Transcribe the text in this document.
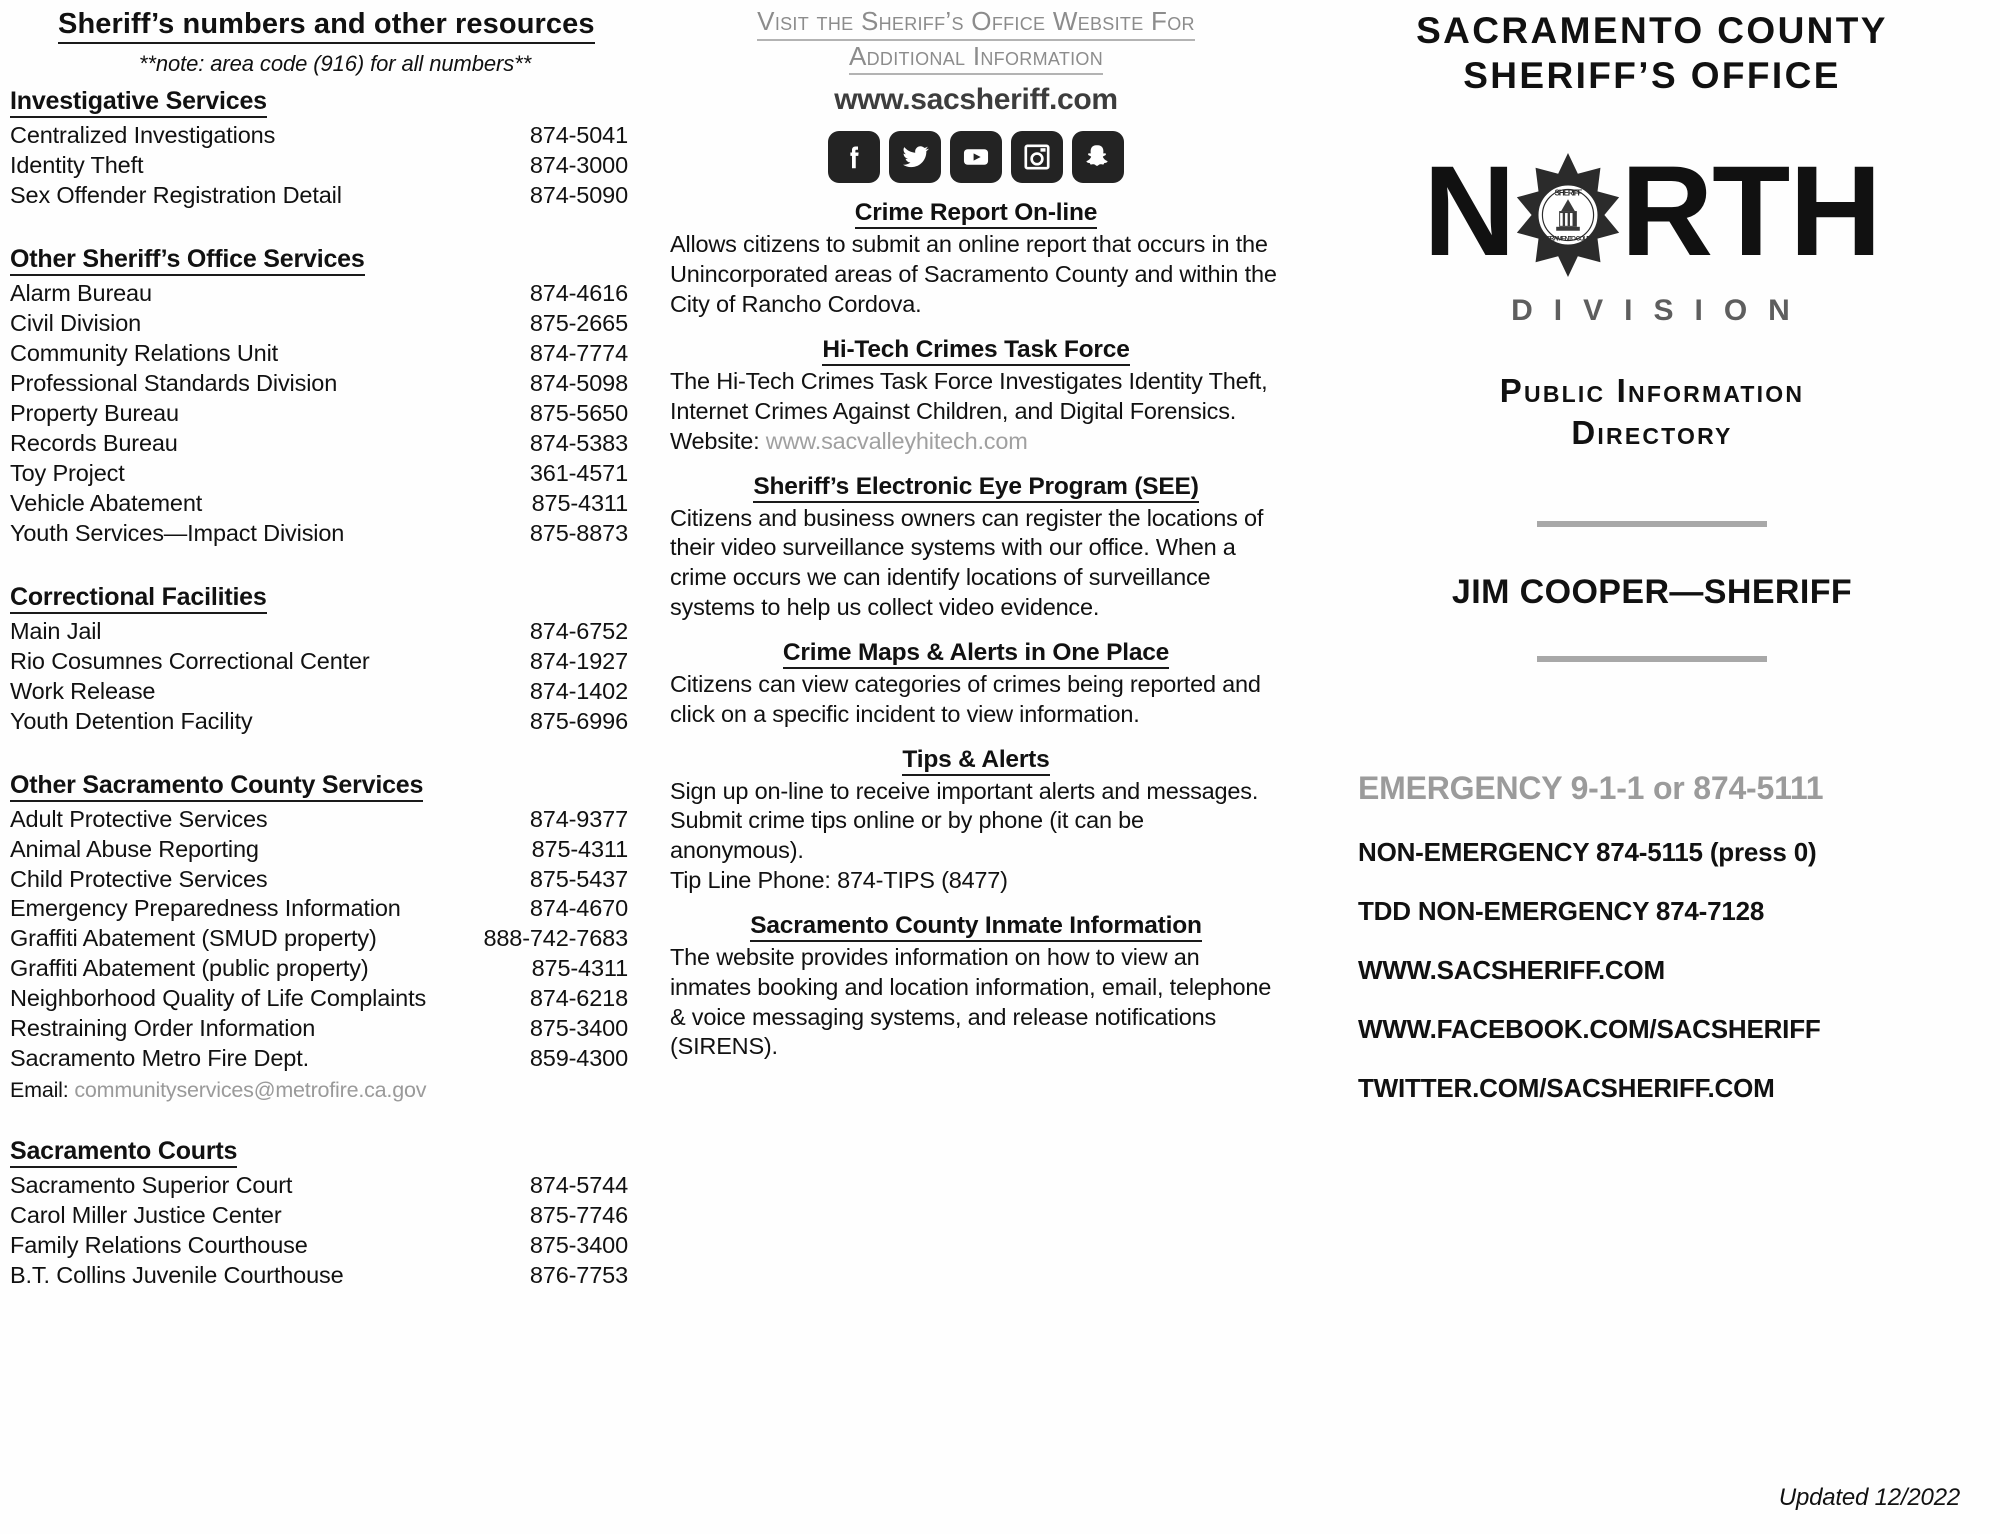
Sheriff’s numbers and other resources
**note: area code (916) for all numbers**
Investigative Services
Centralized Investigations	874-5041
Identity Theft	874-3000
Sex Offender Registration Detail	874-5090
Other Sheriff’s Office Services
Alarm Bureau	874-4616
Civil Division	875-2665
Community Relations Unit	874-7774
Professional Standards Division	874-5098
Property Bureau	875-5650
Records Bureau	874-5383
Toy Project	361-4571
Vehicle Abatement	875-4311
Youth Services—Impact Division	875-8873
Correctional Facilities
Main Jail	874-6752
Rio Cosumnes Correctional Center	874-1927
Work Release	874-1402
Youth Detention Facility	875-6996
Other Sacramento County Services
Adult Protective Services	874-9377
Animal Abuse Reporting	875-4311
Child Protective Services	875-5437
Emergency Preparedness Information	874-4670
Graffiti Abatement (SMUD property)	888-742-7683
Graffiti Abatement (public property)	875-4311
Neighborhood Quality of Life Complaints	874-6218
Restraining Order Information	875-3400
Sacramento Metro Fire Dept.	859-4300
Email: communityservices@metrofire.ca.gov
Sacramento Courts
Sacramento Superior Court	874-5744
Carol Miller Justice Center	875-7746
Family Relations Courthouse	875-3400
B.T. Collins Juvenile Courthouse	876-7753
Visit the Sheriff’s Office Website For
Additional Information
www.sacsheriff.com
Crime Report On-line

Allows citizens to submit an online report that occurs in the Unincorporated areas of Sacramento County and within the City of Rancho Cordova.

Hi-Tech Crimes Task Force

The Hi-Tech Crimes Task Force Investigates Identity Theft, Internet Crimes Against Children, and Digital Forensics.

Website: www.sacvalleyhitech.com

Sheriff’s Electronic Eye Program (SEE)

Citizens and business owners can register the locations of their video surveillance systems with our office. When a crime occurs we can identify locations of surveillance systems to help us collect video evidence.

Crime Maps & Alerts in One Place

Citizens can view categories of crimes being reported and click on a specific incident to view information.

Tips & Alerts

Sign up on-line to receive important alerts and messages. Submit crime tips online or by phone (it can be anonymous).

Tip Line Phone: 874-TIPS (8477)

Sacramento County Inmate Information

The website provides information on how to view an inmates booking and location information, email, telephone & voice messaging systems, and release notifications (SIRENS).

SACRAMENTO COUNTY
SHERIFF’S OFFICE
N	SHERIFF
SACRAMENTO COUNTY RTH
DIVISION
Public Information
Directory
JIM COOPER—SHERIFF
EMERGENCY 9-1-1 or 874-5111
NON-EMERGENCY 874-5115 (press 0)
TDD NON-EMERGENCY 874-7128
WWW.SACSHERIFF.COM
WWW.FACEBOOK.COM/SACSHERIFF
TWITTER.COM/SACSHERIFF.COM
Updated 12/2022
